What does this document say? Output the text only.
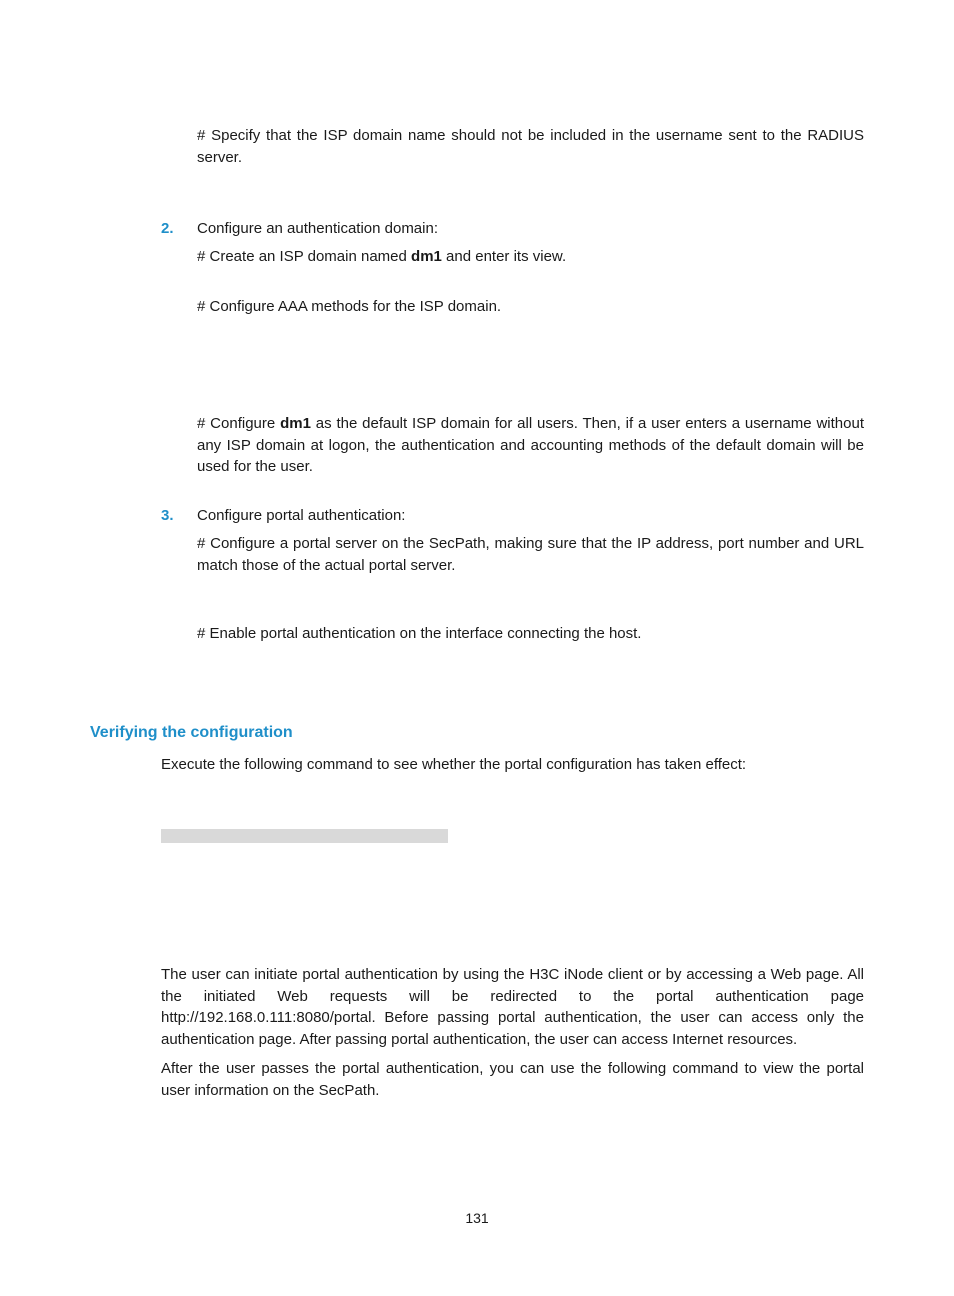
# Specify that the ISP domain name should not be included in the username sent to the RADIUS server.
2. Configure an authentication domain:
# Create an ISP domain named dm1 and enter its view.
# Configure AAA methods for the ISP domain.
# Configure dm1 as the default ISP domain for all users. Then, if a user enters a username without any ISP domain at logon, the authentication and accounting methods of the default domain will be used for the user.
3. Configure portal authentication:
# Configure a portal server on the SecPath, making sure that the IP address, port number and URL match those of the actual portal server.
# Enable portal authentication on the interface connecting the host.
Verifying the configuration
Execute the following command to see whether the portal configuration has taken effect:
The user can initiate portal authentication by using the H3C iNode client or by accessing a Web page. All the initiated Web requests will be redirected to the portal authentication page http://192.168.0.111:8080/portal. Before passing portal authentication, the user can access only the authentication page. After passing portal authentication, the user can access Internet resources.
After the user passes the portal authentication, you can use the following command to view the portal user information on the SecPath.
131
